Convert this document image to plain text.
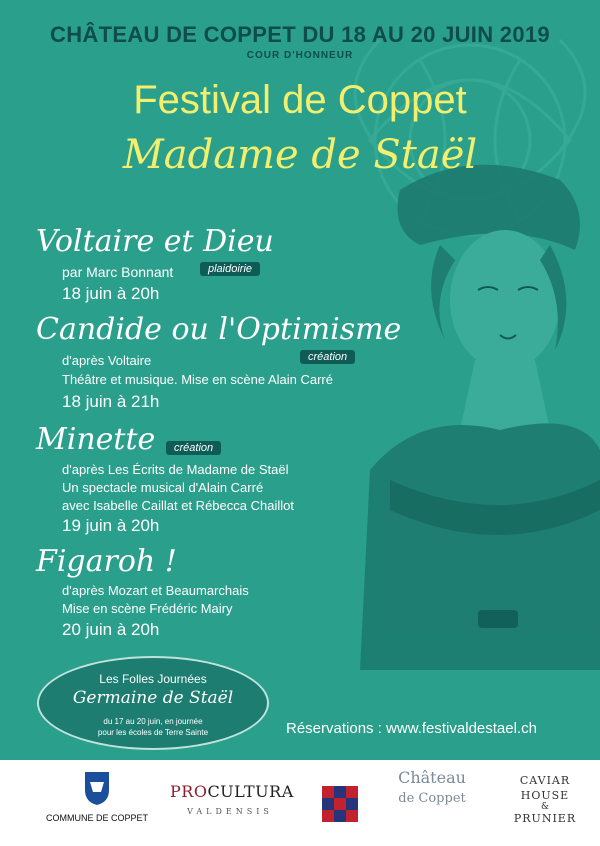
CHÂTEAU DE COPPET DU 18 AU 20 JUIN 2019
COUR D'HONNEUR
Festival de Coppet
Madame de Staël
Voltaire et Dieu
plaidoirie
par Marc Bonnant
18 juin à 20h
Candide ou l'Optimisme
création
d'après Voltaire
Théâtre et musique. Mise en scène Alain Carré
18 juin à 21h
Minette	création
d'après Les Écrits de Madame de Staël
Un spectacle musical d'Alain Carré
avec Isabelle Caillat et Rébecca Chaillot
19 juin à 20h
Figaroh !
d'après Mozart et Beaumarchais
Mise en scène Frédéric Mairy
20 juin à 20h
Les Folles Journées
Germaine de Staël
du 17 au 20 juin, en journée
pour les écoles de Terre Sainte	Réservations : www.festivaldestael.ch
COMMUNE DE COPPET
PROCULTURA
VALDENSIS
Château
de Coppet
CAVIAR
HOUSE
&
PRUNIER
